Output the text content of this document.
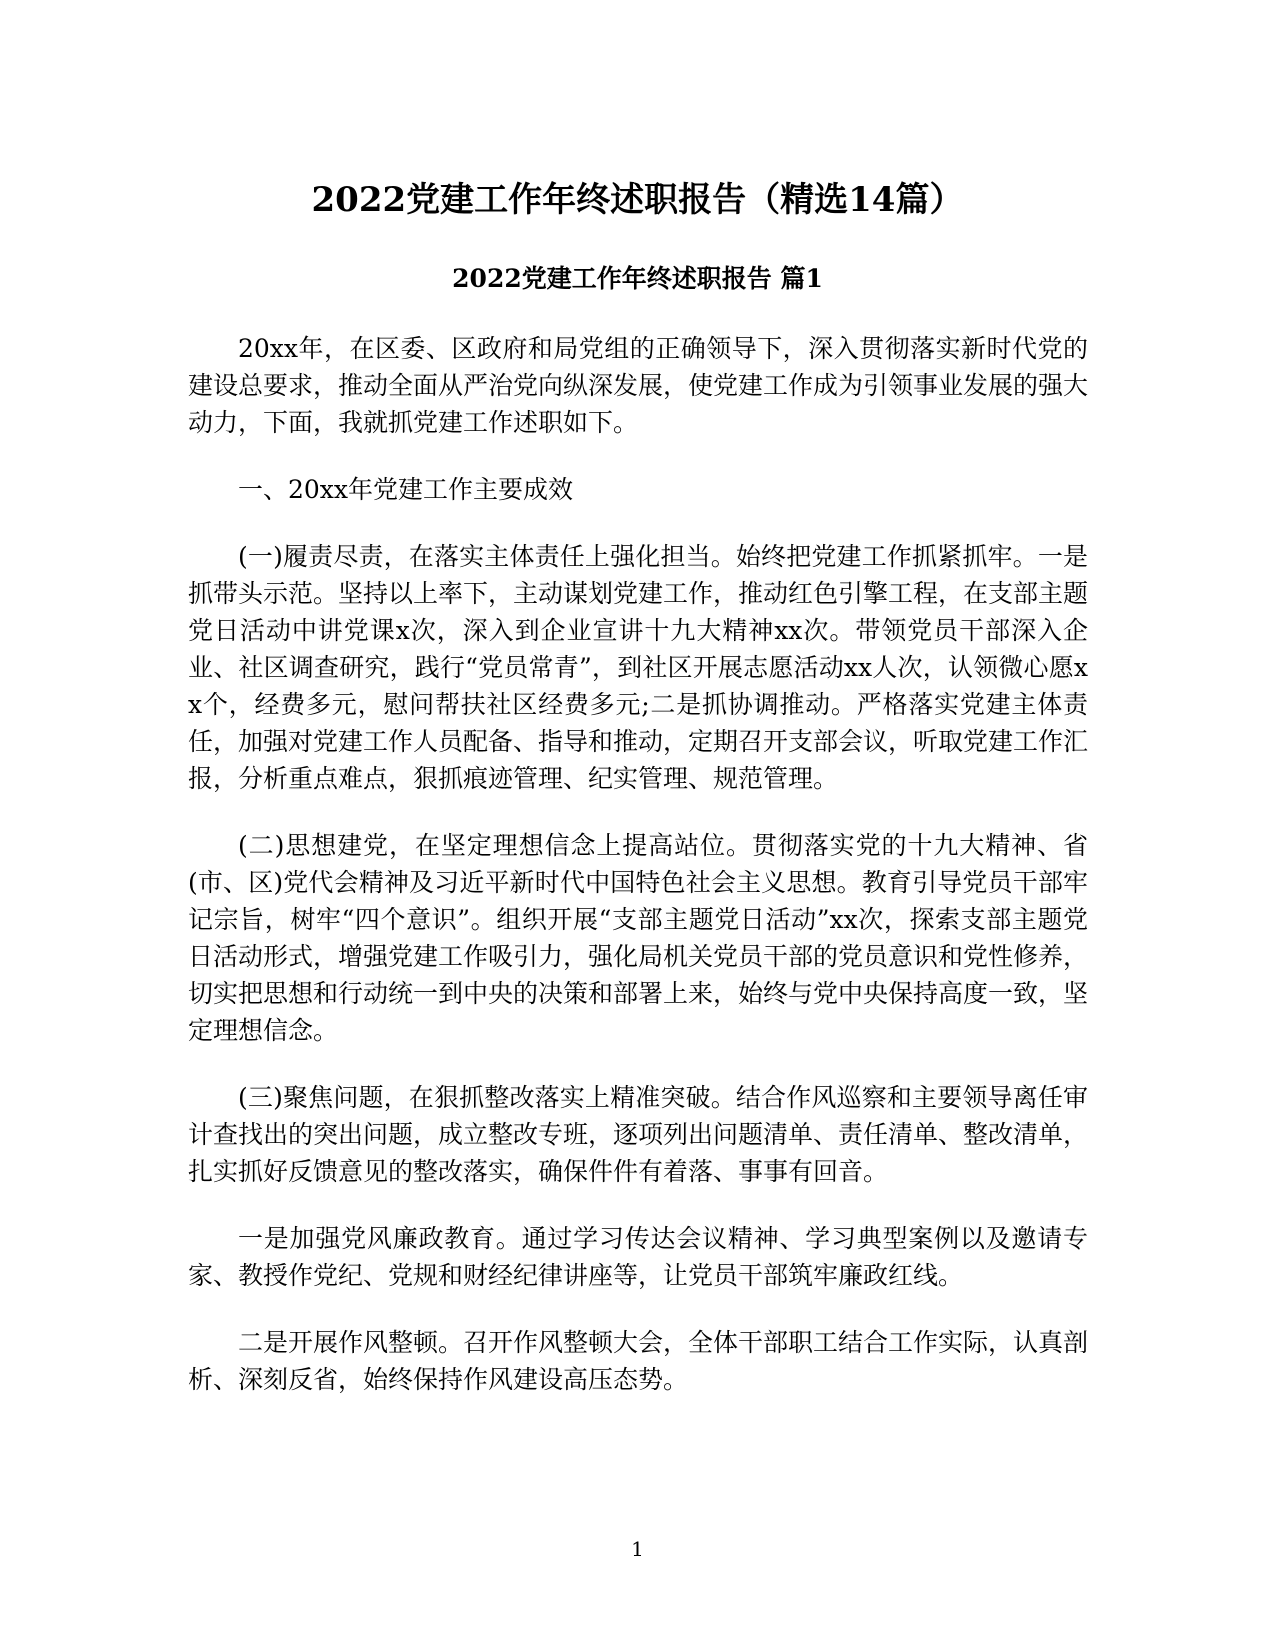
2022党建工作年终述职报告（精选14篇）
2022党建工作年终述职报告 篇1

20xx年，在区委、区政府和局党组的正确领导下，深入贯彻落实新时代党的建设总要求，推动全面从严治党向纵深发展，使党建工作成为引领事业发展的强大动力，下面，我就抓党建工作述职如下。

一、20xx年党建工作主要成效

(一)履责尽责，在落实主体责任上强化担当。始终把党建工作抓紧抓牢。一是抓带头示范。坚持以上率下，主动谋划党建工作，推动红色引擎工程，在支部主题党日活动中讲党课x次，深入到企业宣讲十九大精神xx次。带领党员干部深入企业、社区调查研究，践行“党员常青”，到社区开展志愿活动xx人次，认领微心愿xx个，经费多元，慰问帮扶社区经费多元;二是抓协调推动。严格落实党建主体责任，加强对党建工作人员配备、指导和推动，定期召开支部会议，听取党建工作汇报，分析重点难点，狠抓痕迹管理、纪实管理、规范管理。

(二)思想建党，在坚定理想信念上提高站位。贯彻落实党的十九大精神、省(市、区)党代会精神及习近平新时代中国特色社会主义思想。教育引导党员干部牢记宗旨，树牢“四个意识”。组织开展“支部主题党日活动”xx次，探索支部主题党日活动形式，增强党建工作吸引力，强化局机关党员干部的党员意识和党性修养，切实把思想和行动统一到中央的决策和部署上来，始终与党中央保持高度一致，坚定理想信念。

(三)聚焦问题，在狠抓整改落实上精准突破。结合作风巡察和主要领导离任审计查找出的突出问题，成立整改专班，逐项列出问题清单、责任清单、整改清单，扎实抓好反馈意见的整改落实，确保件件有着落、事事有回音。

一是加强党风廉政教育。通过学习传达会议精神、学习典型案例以及邀请专家、教授作党纪、党规和财经纪律讲座等，让党员干部筑牢廉政红线。

二是开展作风整顿。召开作风整顿大会，全体干部职工结合工作实际，认真剖析、深刻反省，始终保持作风建设高压态势。

1
